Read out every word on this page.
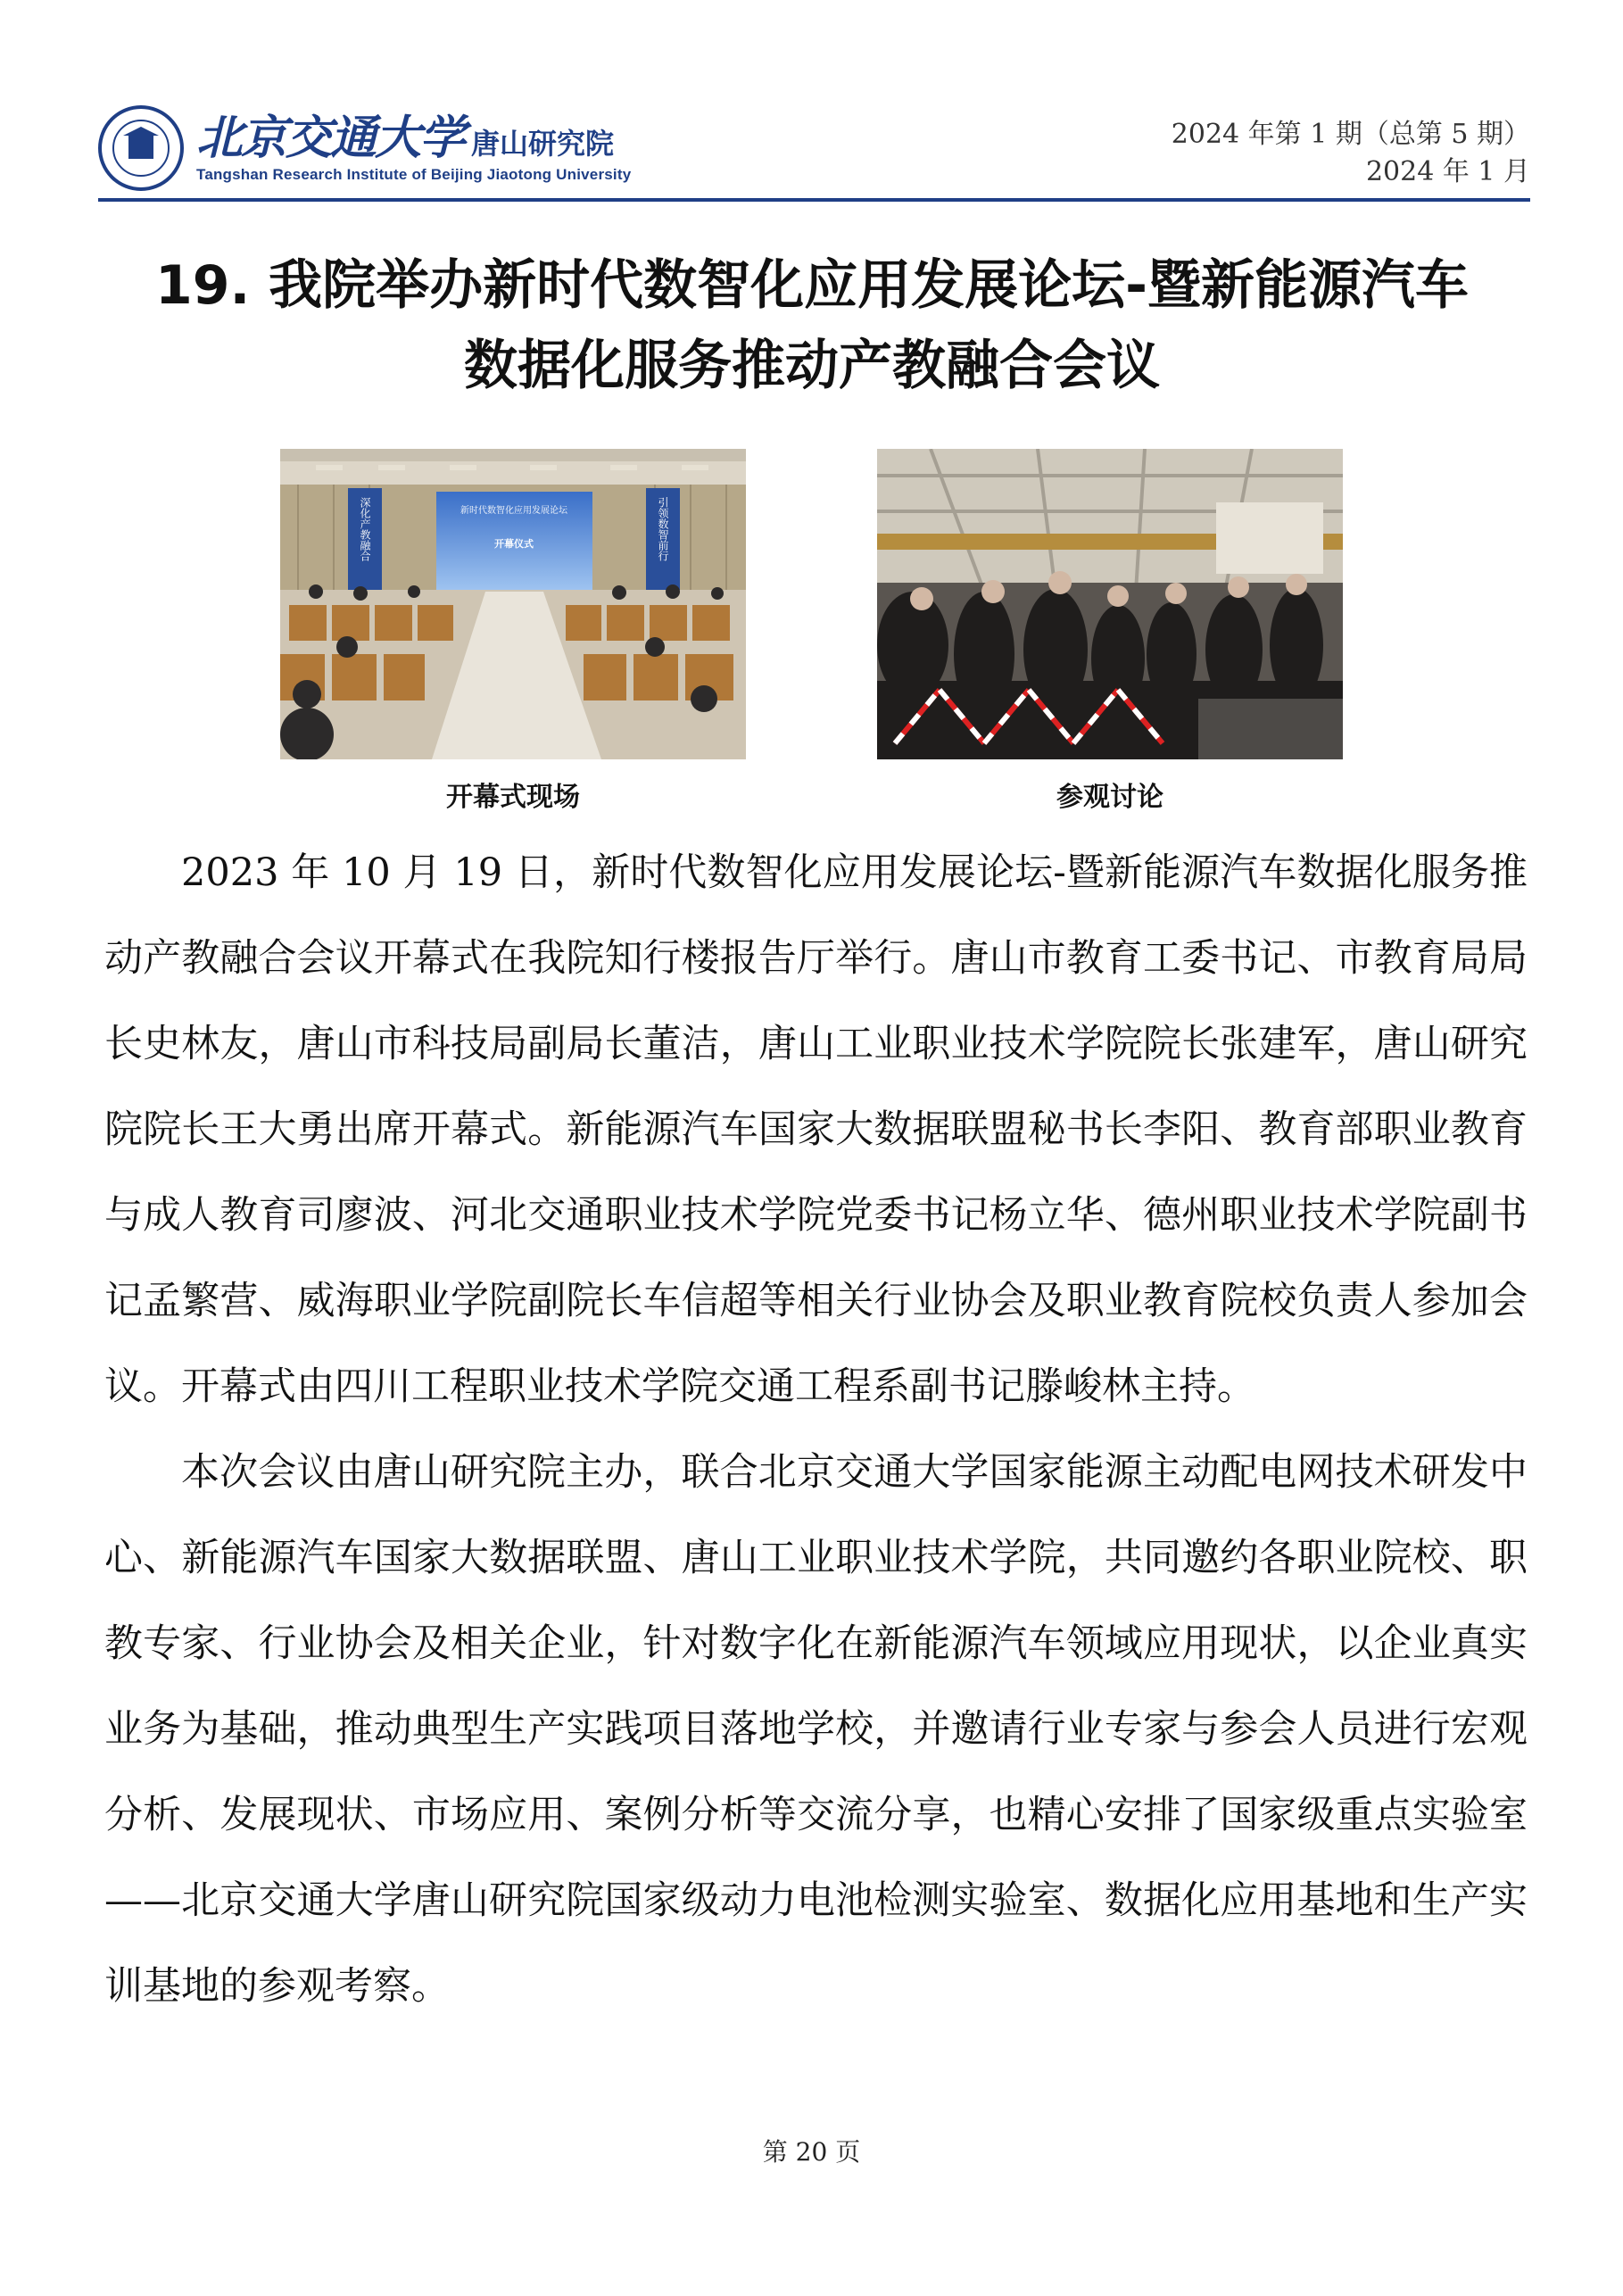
北京交通大学 唐山研究院
Tangshan Research Institute of Beijing Jiaotong University
2024 年第 1 期（总第 5 期）
2024 年 1 月
19. 我院举办新时代数智化应用发展论坛-暨新能源汽车
数据化服务推动产教融合会议
深化产教融合	引领数智前行
新时代数智化应用发展论坛
开幕仪式
开幕式现场	参观讨论

2023 年 10 月 19 日，新时代数智化应用发展论坛-暨新能源汽车数据化服务推动产教融合会议开幕式在我院知行楼报告厅举行。唐山市教育工委书记、市教育局局长史林友，唐山市科技局副局长董洁，唐山工业职业技术学院院长张建军，唐山研究院院长王大勇出席开幕式。新能源汽车国家大数据联盟秘书长李阳、教育部职业教育与成人教育司廖波、河北交通职业技术学院党委书记杨立华、德州职业技术学院副书记孟繁营、威海职业学院副院长车信超等相关行业协会及职业教育院校负责人参加会议。开幕式由四川工程职业技术学院交通工程系副书记滕峻林主持。

本次会议由唐山研究院主办，联合北京交通大学国家能源主动配电网技术研发中心、新能源汽车国家大数据联盟、唐山工业职业技术学院，共同邀约各职业院校、职教专家、行业协会及相关企业，针对数字化在新能源汽车领域应用现状，以企业真实业务为基础，推动典型生产实践项目落地学校，并邀请行业专家与参会人员进行宏观分析、发展现状、市场应用、案例分析等交流分享，也精心安排了国家级重点实验室——北京交通大学唐山研究院国家级动力电池检测实验室、数据化应用基地和生产实训基地的参观考察。

第 20 页
